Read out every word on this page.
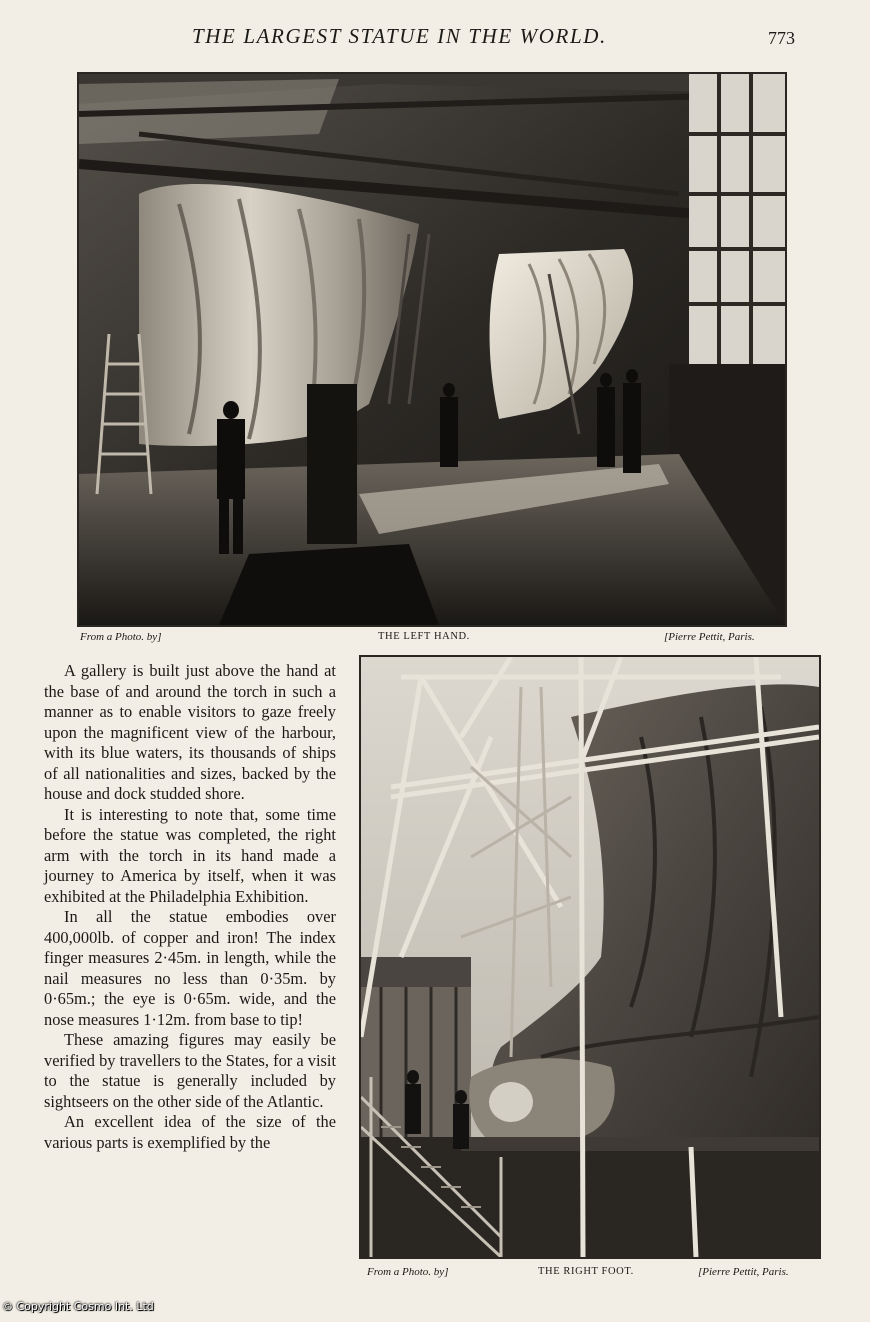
THE LARGEST STATUE IN THE WORLD.	773
From a Photo. by]	THE LEFT HAND.	[Pierre Pettit, Paris.

A gallery is built just above the hand at the base of and around the torch in such a manner as to enable visitors to gaze freely upon the magnificent view of the harbour, with its blue waters, its thousands of ships of all nationalities and sizes, backed by the house and dock studded shore.

It is interesting to note that, some time before the statue was completed, the right arm with the torch in its hand made a journey to America by itself, when it was exhibited at the Philadelphia Exhibition.

In all the statue embodies over 400,000lb. of copper and iron! The index finger measures 2·45m. in length, while the nail measures no less than 0·35m. by 0·65m.; the eye is 0·65m. wide, and the nose measures 1·12m. from base to tip!

These amazing figures may easily be verified by travellers to the States, for a visit to the statue is generally included by sightseers on the other side of the Atlantic.

An excellent idea of the size of the various parts is exemplified by the

From a Photo. by]	THE RIGHT FOOT.	[Pierre Pettit, Paris.
© Copyright Cosmo Int. Ltd
